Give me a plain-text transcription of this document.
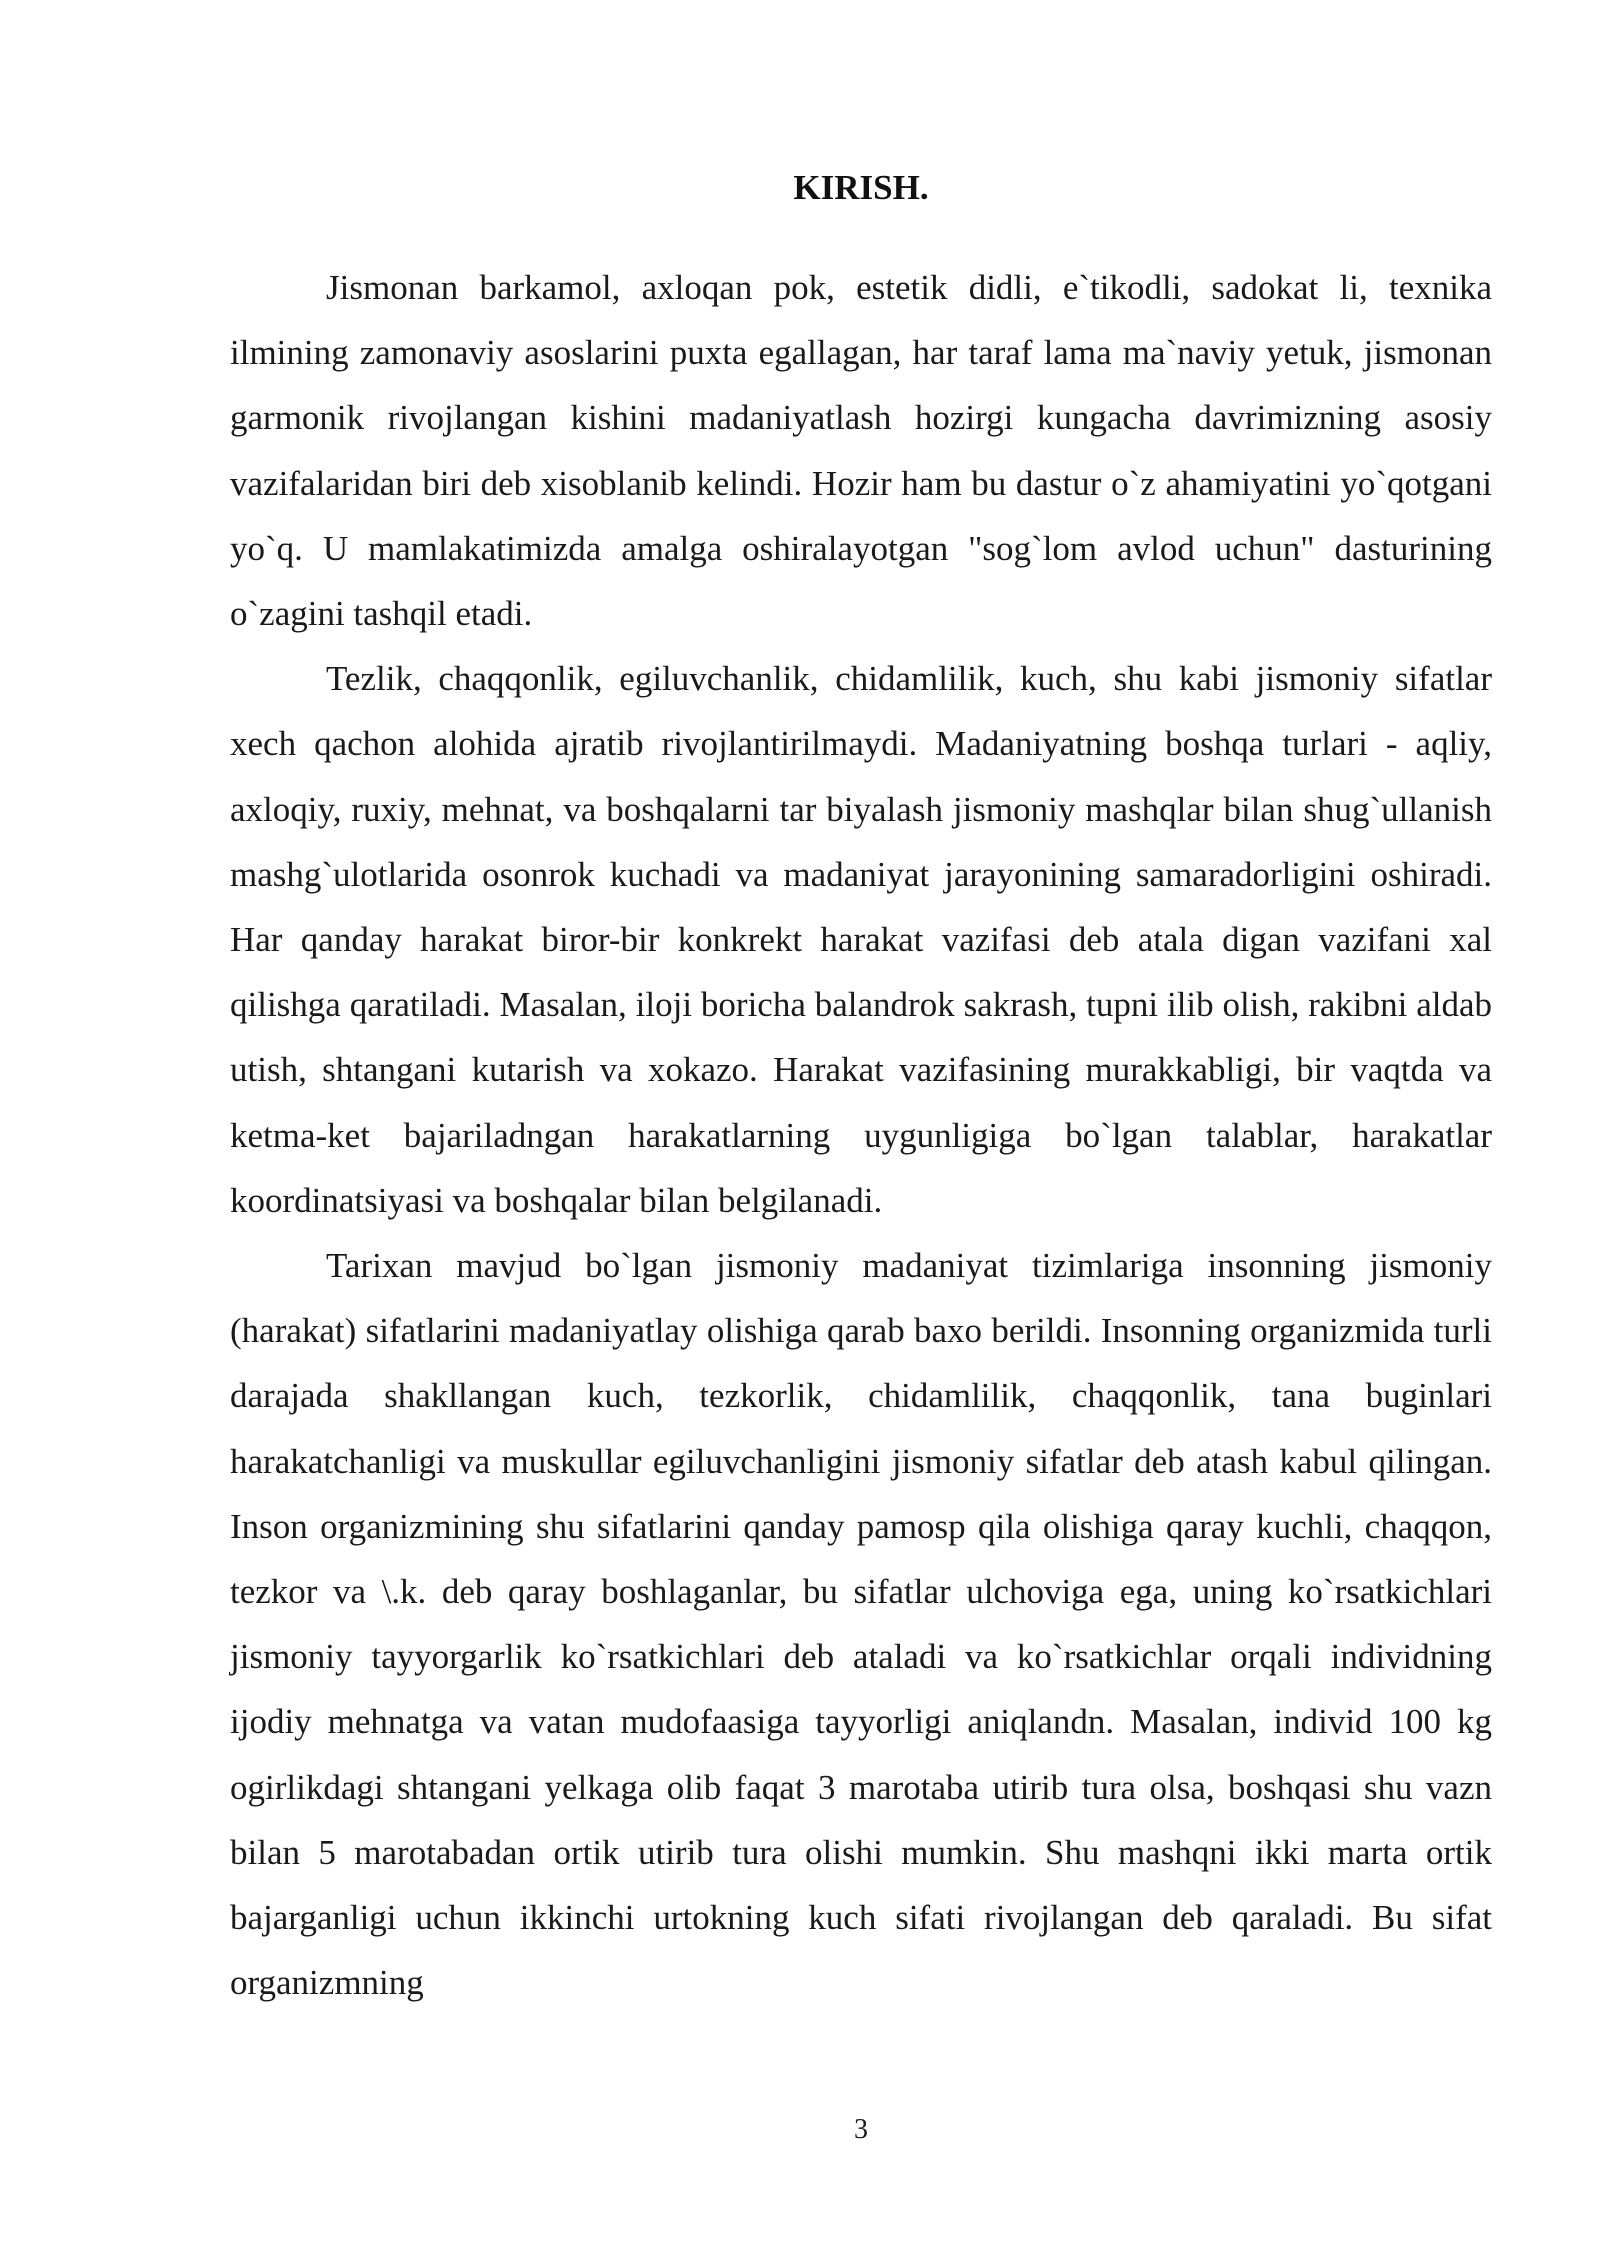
KIRISH.

Jismonan barkamol, axloqan pok, estetik didli, e`tikodli, sadokat li, texnika ilmining zamonaviy asoslarini puxta egallagan, har taraf lama ma`naviy yetuk, jismonan garmonik rivojlangan kishini madaniyatlash hozirgi kungacha davrimizning asosiy vazifalaridan biri deb xisoblanib kelindi. Hozir ham bu dastur o`z ahamiyatini yo`qotgani yo`q. U mamlakatimizda amalga oshiralayotgan "sog`lom avlod uchun" dasturining o`zagini tashqil etadi.

Tezlik, chaqqonlik, egiluvchanlik, chidamlilik, kuch, shu kabi jismoniy sifatlar xech qachon alohida ajratib rivojlantirilmaydi. Madaniyatning boshqa turlari - aqliy, axloqiy, ruxiy, mehnat, va boshqalarni tar biyalash jismoniy mashqlar bilan shug`ullanish mashg`ulotlarida osonrok kuchadi va madaniyat jarayonining samaradorligini oshiradi. Har qanday harakat biror-bir konkrekt harakat vazifasi deb atala digan vazifani xal qilishga qaratiladi. Masalan, iloji boricha balandrok sakrash, tupni ilib olish, rakibni aldab utish, shtangani kutarish va xokazo. Harakat vazifasining murakkabligi, bir vaqtda va ketma-ket bajariladngan harakatlarning uygunligiga bo`lgan talablar, harakatlar koordinatsiyasi va boshqalar bilan belgilanadi.

Tarixan mavjud bo`lgan jismoniy madaniyat tizimlariga insonning jismoniy (harakat) sifatlarini madaniyatlay olishiga qarab baxo berildi. Insonning organizmida turli darajada shakllangan kuch, tezkorlik, chidamlilik, chaqqonlik, tana buginlari harakatchanligi va muskullar egiluvchanligini jismoniy sifatlar deb atash kabul qilingan. Inson organizmining shu sifatlarini qanday pamosp qila olishiga qaray kuchli, chaqqon, tezkor va \.k. deb qaray boshlaganlar, bu sifatlar ulchoviga ega, uning ko`rsatkichlari jismoniy tayyorgarlik ko`rsatkichlari deb ataladi va ko`rsatkichlar orqali individning ijodiy mehnatga va vatan mudofaasiga tayyorligi aniqlandn. Masalan, individ 100 kg ogirlikdagi shtangani yelkaga olib faqat 3 marotaba utirib tura olsa, boshqasi shu vazn bilan 5 marotabadan ortik utirib tura olishi mumkin. Shu mashqni ikki marta ortik bajarganligi uchun ikkinchi urtokning kuch sifati rivojlangan deb qaraladi. Bu sifat organizmning

3
